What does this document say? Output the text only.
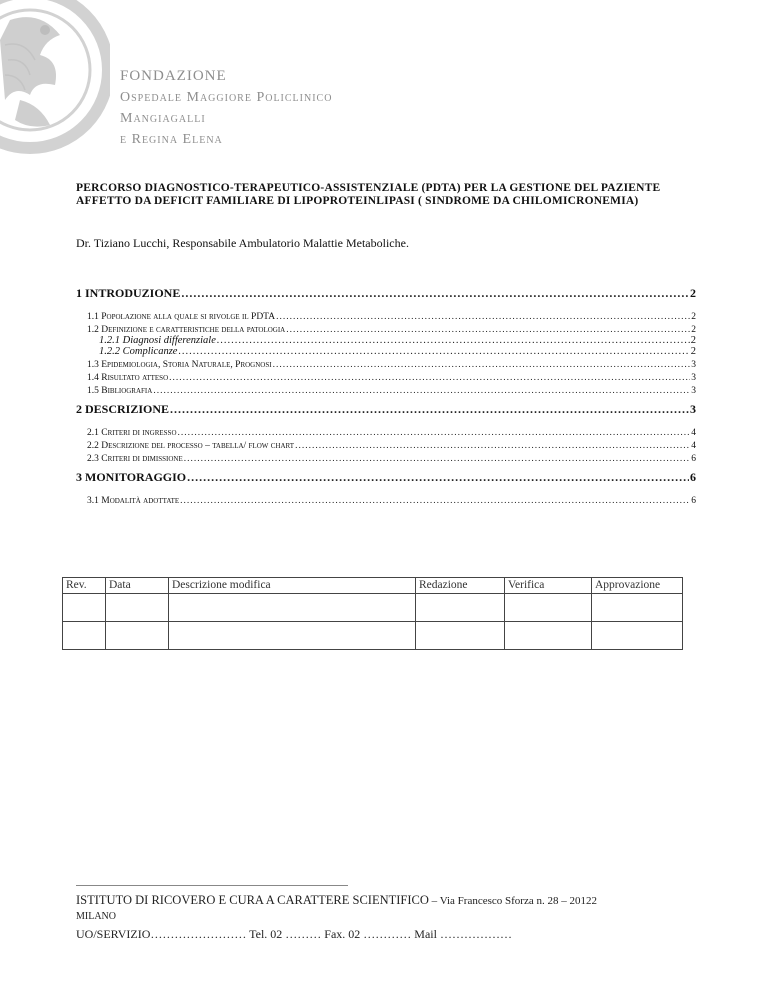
FONDAZIONE
Ospedale Maggiore Policlinico
Mangiagalli
e Regina Elena
PERCORSO DIAGNOSTICO-TERAPEUTICO-ASSISTENZIALE (PDTA) PER LA GESTIONE DEL PAZIENTE AFFETTO DA DEFICIT FAMILIARE DI LIPOPROTEINLIPASI ( SINDROME DA CHILOMICRONEMIA)
Dr. Tiziano Lucchi, Responsabile Ambulatorio Malattie Metaboliche.
1 INTRODUZIONE .....	2
1.1 Popolazione alla quale si rivolge il PDTA .....	2
1.2 Definizione e caratteristiche della patologia .....	2
1.2.1 Diagnosi differenziale .....	2
1.2.2 Complicanze .....	2
1.3 Epidemiologia, Storia Naturale, Prognosi .....	3
1.4 Risultato atteso .....	3
1.5 Bibliografia .....	3
2 DESCRIZIONE .....	3
2.1 Criteri di ingresso .....	4
2.2 Descrizione del processo – tabella/ flow chart .....	4
2.3 Criteri di dimissione .....	6
3 MONITORAGGIO .....	6
3.1 Modalità adottate .....	6
Rev.	Data	Descrizione modifica	Redazione	Verifica	Approvazione

ISTITUTO DI RICOVERO E CURA A CARATTERE SCIENTIFICO – Via Francesco Sforza n. 28 – 20122
MILANO
UO/SERVIZIO…………………… Tel. 02 ……… Fax. 02 ………… Mail ………………
